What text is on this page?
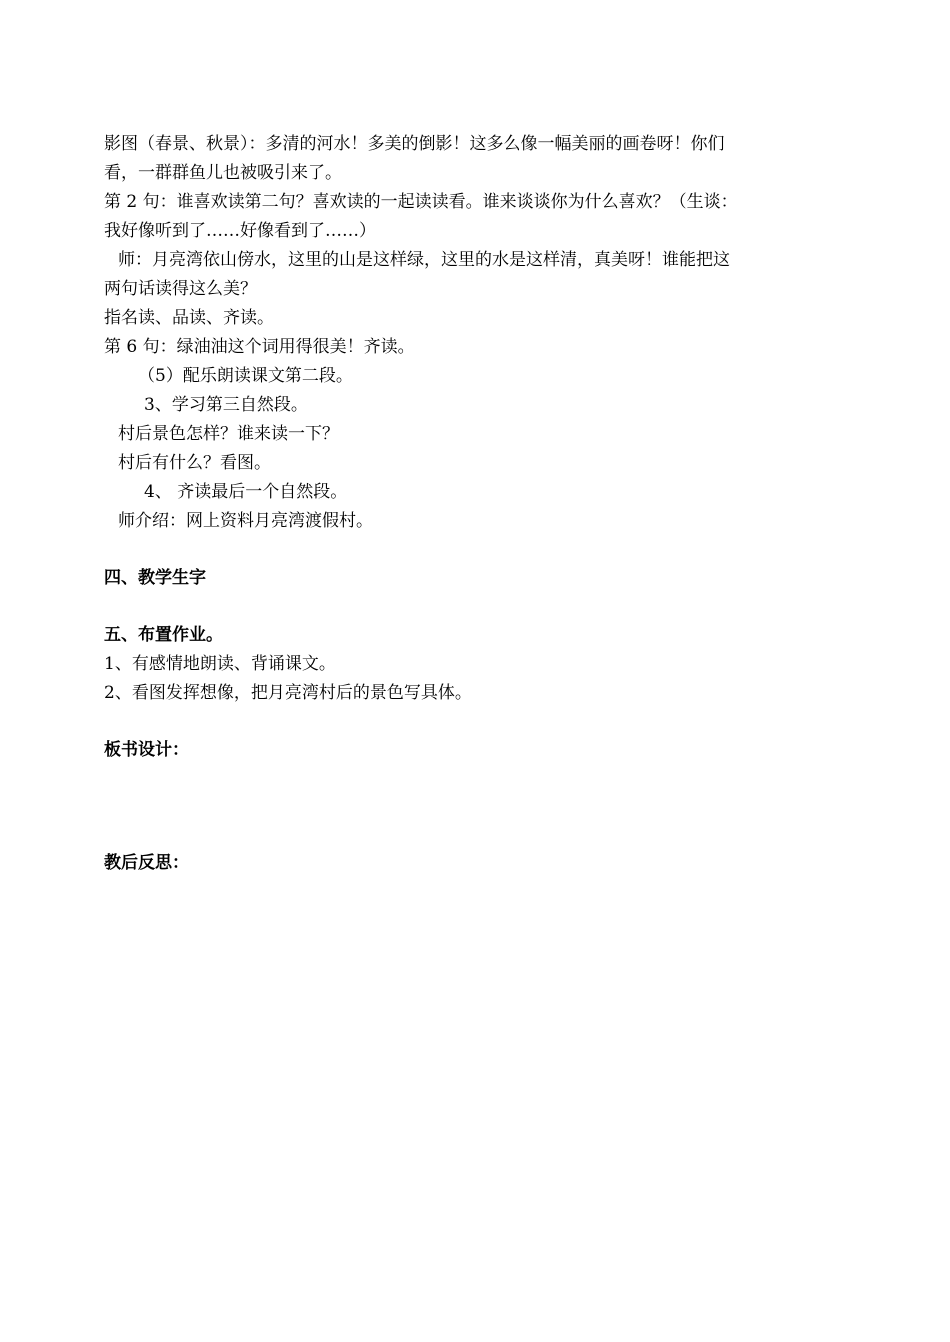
影图（春景、秋景）：多清的河水！多美的倒影！这多么像一幅美丽的画卷呀！你们
看，一群群鱼儿也被吸引来了。
第 2 句：谁喜欢读第二句？喜欢读的一起读读看。谁来谈谈你为什么喜欢？（生谈：
我好像听到了……好像看到了……）
师：月亮湾依山傍水，这里的山是这样绿，这里的水是这样清，真美呀！谁能把这
两句话读得这么美？
指名读、品读、齐读。
第 6 句：绿油油这个词用得很美！齐读。
（5）配乐朗读课文第二段。
3、学习第三自然段。
村后景色怎样？谁来读一下？
村后有什么？看图。
4、 齐读最后一个自然段。
师介绍：网上资料月亮湾渡假村。
四、教学生字
五、布置作业。
1、有感情地朗读、背诵课文。
2、看图发挥想像，把月亮湾村后的景色写具体。
板书设计：
教后反思：
